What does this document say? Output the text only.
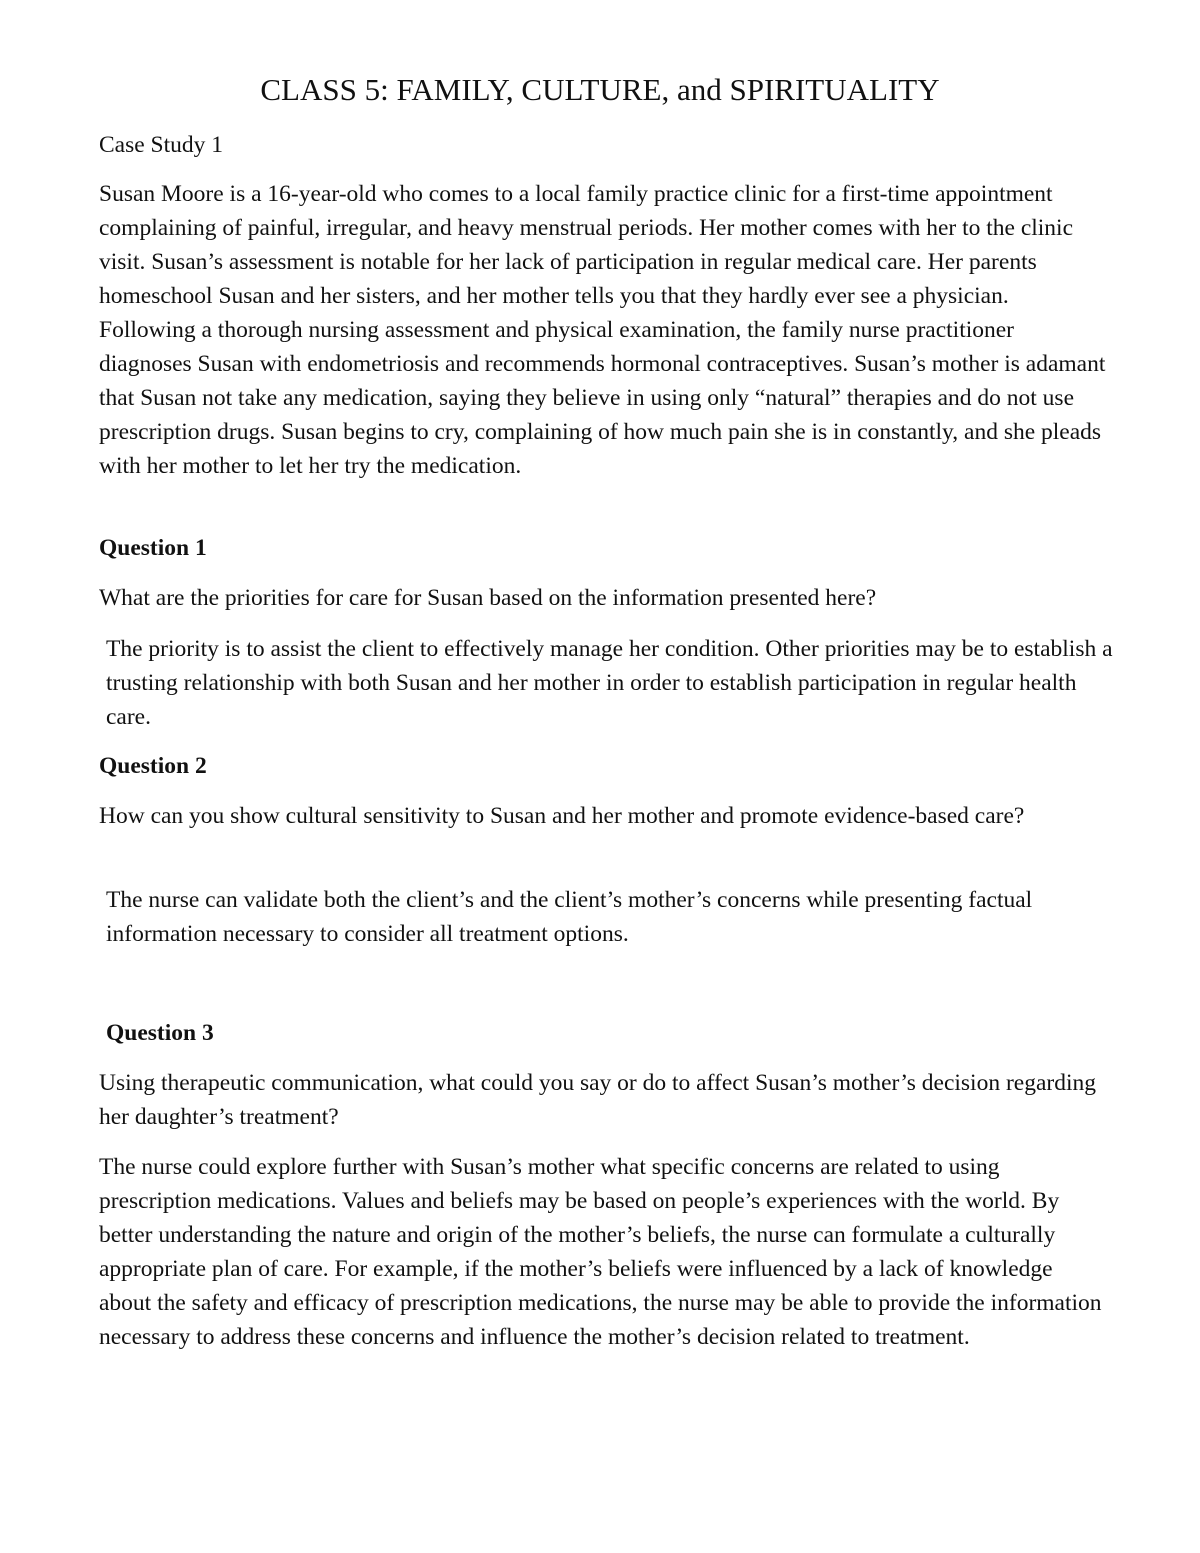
CLASS 5: FAMILY, CULTURE, and SPIRITUALITY

Case Study 1

Susan Moore is a 16-year-old who comes to a local family practice clinic for a first-time appointment complaining of painful, irregular, and heavy menstrual periods. Her mother comes with her to the clinic visit. Susan’s assessment is notable for her lack of participation in regular medical care. Her parents homeschool Susan and her sisters, and her mother tells you that they hardly ever see a physician. Following a thorough nursing assessment and physical examination, the family nurse practitioner diagnoses Susan with endometriosis and recommends hormonal contraceptives. Susan’s mother is adamant that Susan not take any medication, saying they believe in using only “natural” therapies and do not use prescription drugs. Susan begins to cry, complaining of how much pain she is in constantly, and she pleads with her mother to let her try the medication.

Question 1

What are the priorities for care for Susan based on the information presented here?

The priority is to assist the client to effectively manage her condition. Other priorities may be to establish a trusting relationship with both Susan and her mother in order to establish participation in regular health care.

Question 2

How can you show cultural sensitivity to Susan and her mother and promote evidence-based care?

The nurse can validate both the client’s and the client’s mother’s concerns while presenting factual information necessary to consider all treatment options.

Question 3

Using therapeutic communication, what could you say or do to affect Susan’s mother’s decision regarding her daughter’s treatment?

The nurse could explore further with Susan’s mother what specific concerns are related to using prescription medications. Values and beliefs may be based on people’s experiences with the world. By better understanding the nature and origin of the mother’s beliefs, the nurse can formulate a culturally appropriate plan of care. For example, if the mother’s beliefs were influenced by a lack of knowledge about the safety and efficacy of prescription medications, the nurse may be able to provide the information necessary to address these concerns and influence the mother’s decision related to treatment.
